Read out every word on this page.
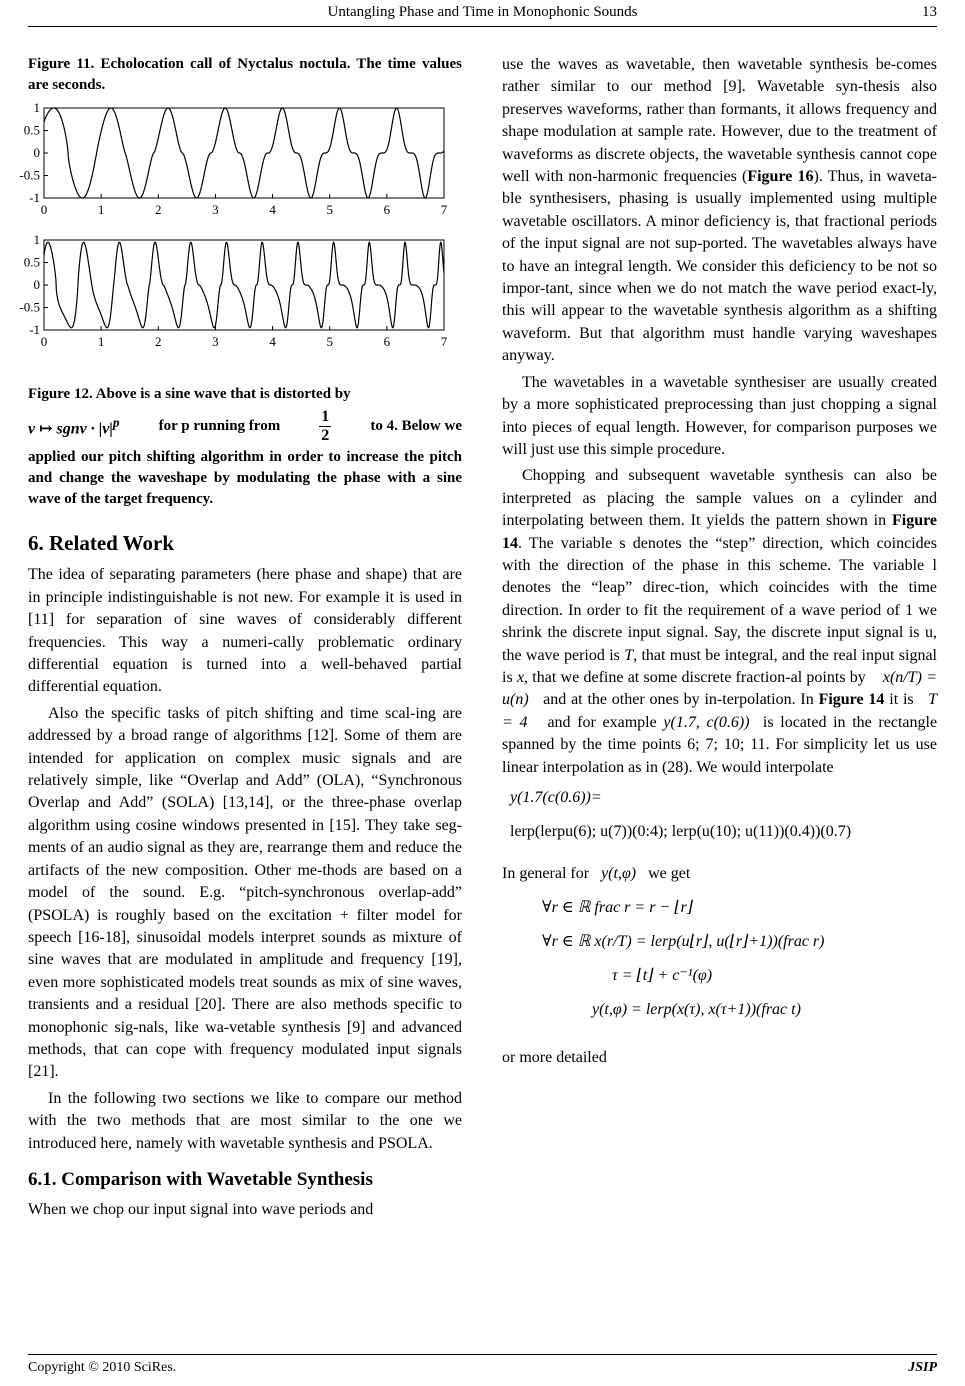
Untangling Phase and Time in Monophonic Sounds	13
Figure 11. Echolocation call of Nyctalus noctula. The time values are seconds.
1
0.5
0
-0.5
-1
0	1	2	3	4	5	6	7
1
0.5
0
-0.5
-1
0	1	2	3	4	5	6	7
Figure 12. Above is a sine wave that is distorted by
v ↦ sgnv · $|v|^p$	for p running from $\frac{1}{2}$	to 4. Below we
applied our pitch shifting algorithm in order to increase the pitch and change the waveshape by modulating the phase with a sine wave of the target frequency.
6. Related Work

The idea of separating parameters (here phase and shape) that are in principle indistinguishable is not new. For example it is used in [11] for separation of sine waves of considerably different frequencies. This way a numeri-cally problematic ordinary differential equation is turned into a well-behaved partial differential equation.

Also the specific tasks of pitch shifting and time scal-ing are addressed by a broad range of algorithms [12]. Some of them are intended for application on complex music signals and are relatively simple, like “Overlap and Add” (OLA), “Synchronous Overlap and Add” (SOLA) [13,14], or the three-phase overlap algorithm using cosine windows presented in [15]. They take seg-ments of an audio signal as they are, rearrange them and reduce the artifacts of the new composition. Other me-thods are based on a model of the sound. E.g. “pitch-synchronous overlap-add” (PSOLA) is roughly based on the excitation + filter model for speech [16-18], sinusoidal models interpret sounds as mixture of sine waves that are modulated in amplitude and frequency [19], even more sophisticated models treat sounds as mix of sine waves, transients and a residual [20]. There are also methods specific to monophonic sig-nals, like wa-vetable synthesis [9] and advanced methods, that can cope with frequency modulated input signals [21].

In the following two sections we like to compare our method with the two methods that are most similar to the one we introduced here, namely with wavetable synthesis and PSOLA.

6.1. Comparison with Wavetable Synthesis

When we chop our input signal into wave periods and

use the waves as wavetable, then wavetable synthesis be-comes rather similar to our method [9]. Wavetable syn-thesis also preserves waveforms, rather than formants, it allows frequency and shape modulation at sample rate. However, due to the treatment of waveforms as discrete objects, the wavetable synthesis cannot cope well with non-harmonic frequencies (Figure 16). Thus, in waveta-ble synthesisers, phasing is usually implemented using multiple wavetable oscillators. A minor deficiency is, that fractional periods of the input signal are not sup-ported. The wavetables always have to have an integral length. We consider this deficiency to be not so impor-tant, since when we do not match the wave period exact-ly, this will appear to the wavetable synthesis algorithm as a shifting waveform. But that algorithm must handle varying waveshapes anyway.

The wavetables in a wavetable synthesiser are usually created by a more sophisticated preprocessing than just chopping a signal into pieces of equal length. However, for comparison purposes we will just use this simple procedure.

Chopping and subsequent wavetable synthesis can also be interpreted as placing the sample values on a cylinder and interpolating between them. It yields the pattern shown in Figure 14. The variable s denotes the “step” direction, which coincides with the direction of the phase in this scheme. The variable l denotes the “leap” direc-tion, which coincides with the time direction. In order to fit the requirement of a wave period of 1 we shrink the discrete input signal. Say, the discrete input signal is u, the wave period is T, that must be integral, and the real input signal is x, that we define at some discrete fraction-al points by x(n/T) = u(n) and at the other ones by in-terpolation. In Figure 14 it is T = 4 and for example y(1.7, c(0.6)) is located in the rectangle spanned by the time points 6; 7; 10; 11. For simplicity let us use linear interpolation as in (28). We would interpolate

y(1.7(c(0.6))=
lerp(lerpu(6); u(7))(0:4); lerp(u(10); u(11))(0.4))(0.7)

In general for y(t,φ) we get

∀r ∈ ℝ frac r = r − ⌊r⌋
∀r ∈ ℝ x(r/T) = lerp(u⌊r⌋, u(⌊r⌋+1))(frac r)
τ = ⌊t⌋ + c⁻¹(φ)
y(t,φ) = lerp(x(τ), x(τ+1))(frac t)

or more detailed

Copyright © 2010 SciRes.	JSIP
